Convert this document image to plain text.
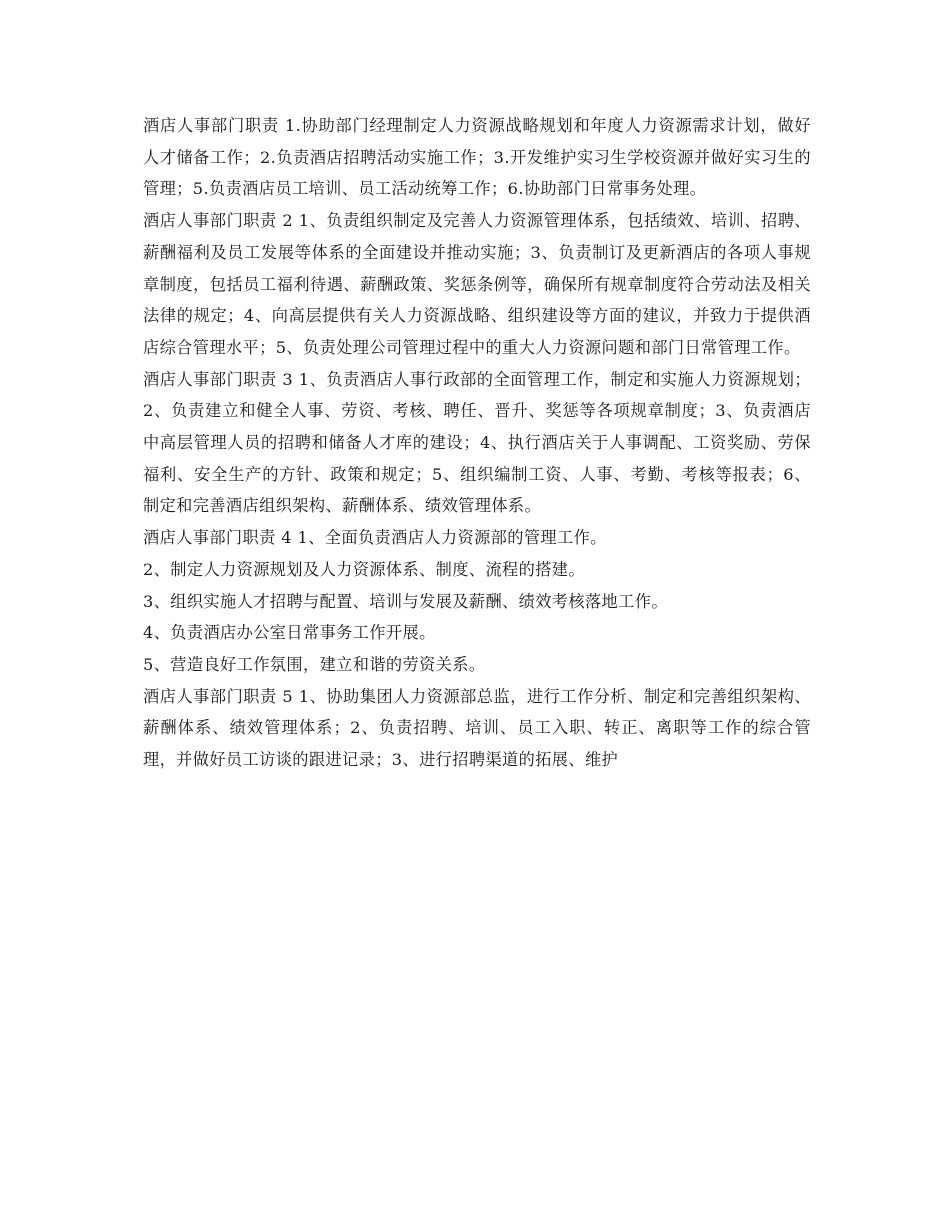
酒店人事部门职责 1.协助部门经理制定人力资源战略规划和年度人力资源需求计划，做好人才储备工作；2.负责酒店招聘活动实施工作；3.开发维护实习生学校资源并做好实习生的管理；5.负责酒店员工培训、员工活动统筹工作；6.协助部门日常事务处理。

酒店人事部门职责 2 1、负责组织制定及完善人力资源管理体系，包括绩效、培训、招聘、薪酬福利及员工发展等体系的全面建设并推动实施；3、负责制订及更新酒店的各项人事规章制度，包括员工福利待遇、薪酬政策、奖惩条例等，确保所有规章制度符合劳动法及相关法律的规定；4、向高层提供有关人力资源战略、组织建设等方面的建议，并致力于提供酒店综合管理水平；5、负责处理公司管理过程中的重大人力资源问题和部门日常管理工作。

酒店人事部门职责 3 1、负责酒店人事行政部的全面管理工作，制定和实施人力资源规划；2、负责建立和健全人事、劳资、考核、聘任、晋升、奖惩等各项规章制度；3、负责酒店中高层管理人员的招聘和储备人才库的建设；4、执行酒店关于人事调配、工资奖励、劳保福利、安全生产的方针、政策和规定；5、组织编制工资、人事、考勤、考核等报表；6、制定和完善酒店组织架构、薪酬体系、绩效管理体系。

酒店人事部门职责 4 1、全面负责酒店人力资源部的管理工作。

2、制定人力资源规划及人力资源体系、制度、流程的搭建。

3、组织实施人才招聘与配置、培训与发展及薪酬、绩效考核落地工作。

4、负责酒店办公室日常事务工作开展。

5、营造良好工作氛围，建立和谐的劳资关系。

酒店人事部门职责 5 1、协助集团人力资源部总监，进行工作分析、制定和完善组织架构、薪酬体系、绩效管理体系；2、负责招聘、培训、员工入职、转正、离职等工作的综合管理，并做好员工访谈的跟进记录；3、进行招聘渠道的拓展、维护
